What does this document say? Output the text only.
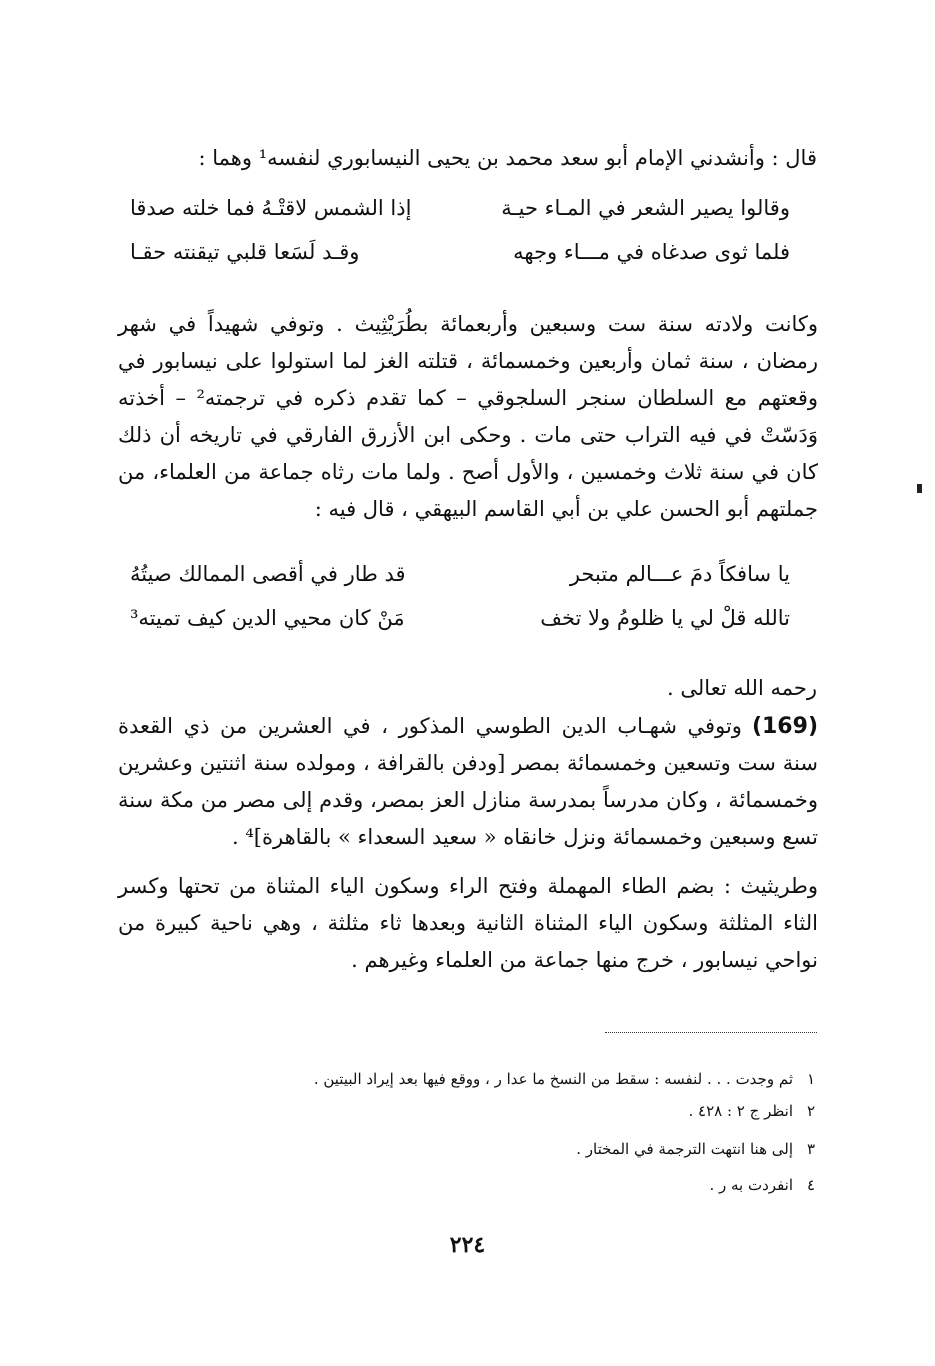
قال : وأنشدني الإمام أبو سعد محمد بن يحيى النيسابوري لنفسه¹ وهما :
وقالوا يصير الشعر في المـاء حيـة
إذا الشمس لاقتْـهُ فما خلته صدقا
فلما ثوى صدغاه في مـــاء وجهه
وقـد لَسَعا قلبي تيقنته حقـا
وكانت ولادته سنة ست وسبعين وأربعمائة بطُرَيْثِيث . وتوفي شهيداً في شهر رمضان ، سنة ثمان وأربعين وخمسمائة ، قتلته الغز لما استولوا على نيسابور في وقعتهم مع السلطان سنجر السلجوقي – كما تقدم ذكره في ترجمته² – أخذته وَدَسّتْ في فيه التراب حتى مات . وحكى ابن الأزرق الفارقي في تاريخه أن ذلك كان في سنة ثلاث وخمسين ، والأول أصح . ولما مات رثاه جماعة من العلماء، من جملتهم أبو الحسن علي بن أبي القاسم البيهقي ، قال فيه :
يا سافكاً دمَ عـــالم متبحر
قد طار في أقصى الممالك صيتُهُ
تالله قلْ لي يا ظلومُ ولا تخف
مَنْ كان محيي الدين كيف تميته³
رحمه الله تعالى .
(169)وتوفي شهـاب الدين الطوسي المذكور ، في العشرين من ذي القعدة سنة ست وتسعين وخمسمائة بمصر [ودفن بالقرافة ، ومولده سنة اثنتين وعشرين وخمسمائة ، وكان مدرساً بمدرسة منازل العز بمصر، وقدم إلى مصر من مكة سنة تسع وسبعين وخمسمائة ونزل خانقاه « سعيد السعداء » بالقاهرة]⁴ .
وطريثيث : بضم الطاء المهملة وفتح الراء وسكون الياء المثناة من تحتها وكسر الثاء المثلثة وسكون الياء المثناة الثانية وبعدها ثاء مثلثة ، وهي ناحية كبيرة من نواحي نيسابور ، خرج منها جماعة من العلماء وغيرهم .
١ثم وجدت . . . لنفسه : سقط من النسخ ما عدا ر ، ووقع فيها بعد إيراد البيتين .
٢انظر ج ٢ : ٤٢٨ .
٣إلى هنا انتهت الترجمة في المختار .
٤انفردت به ر .
٢٢٤
